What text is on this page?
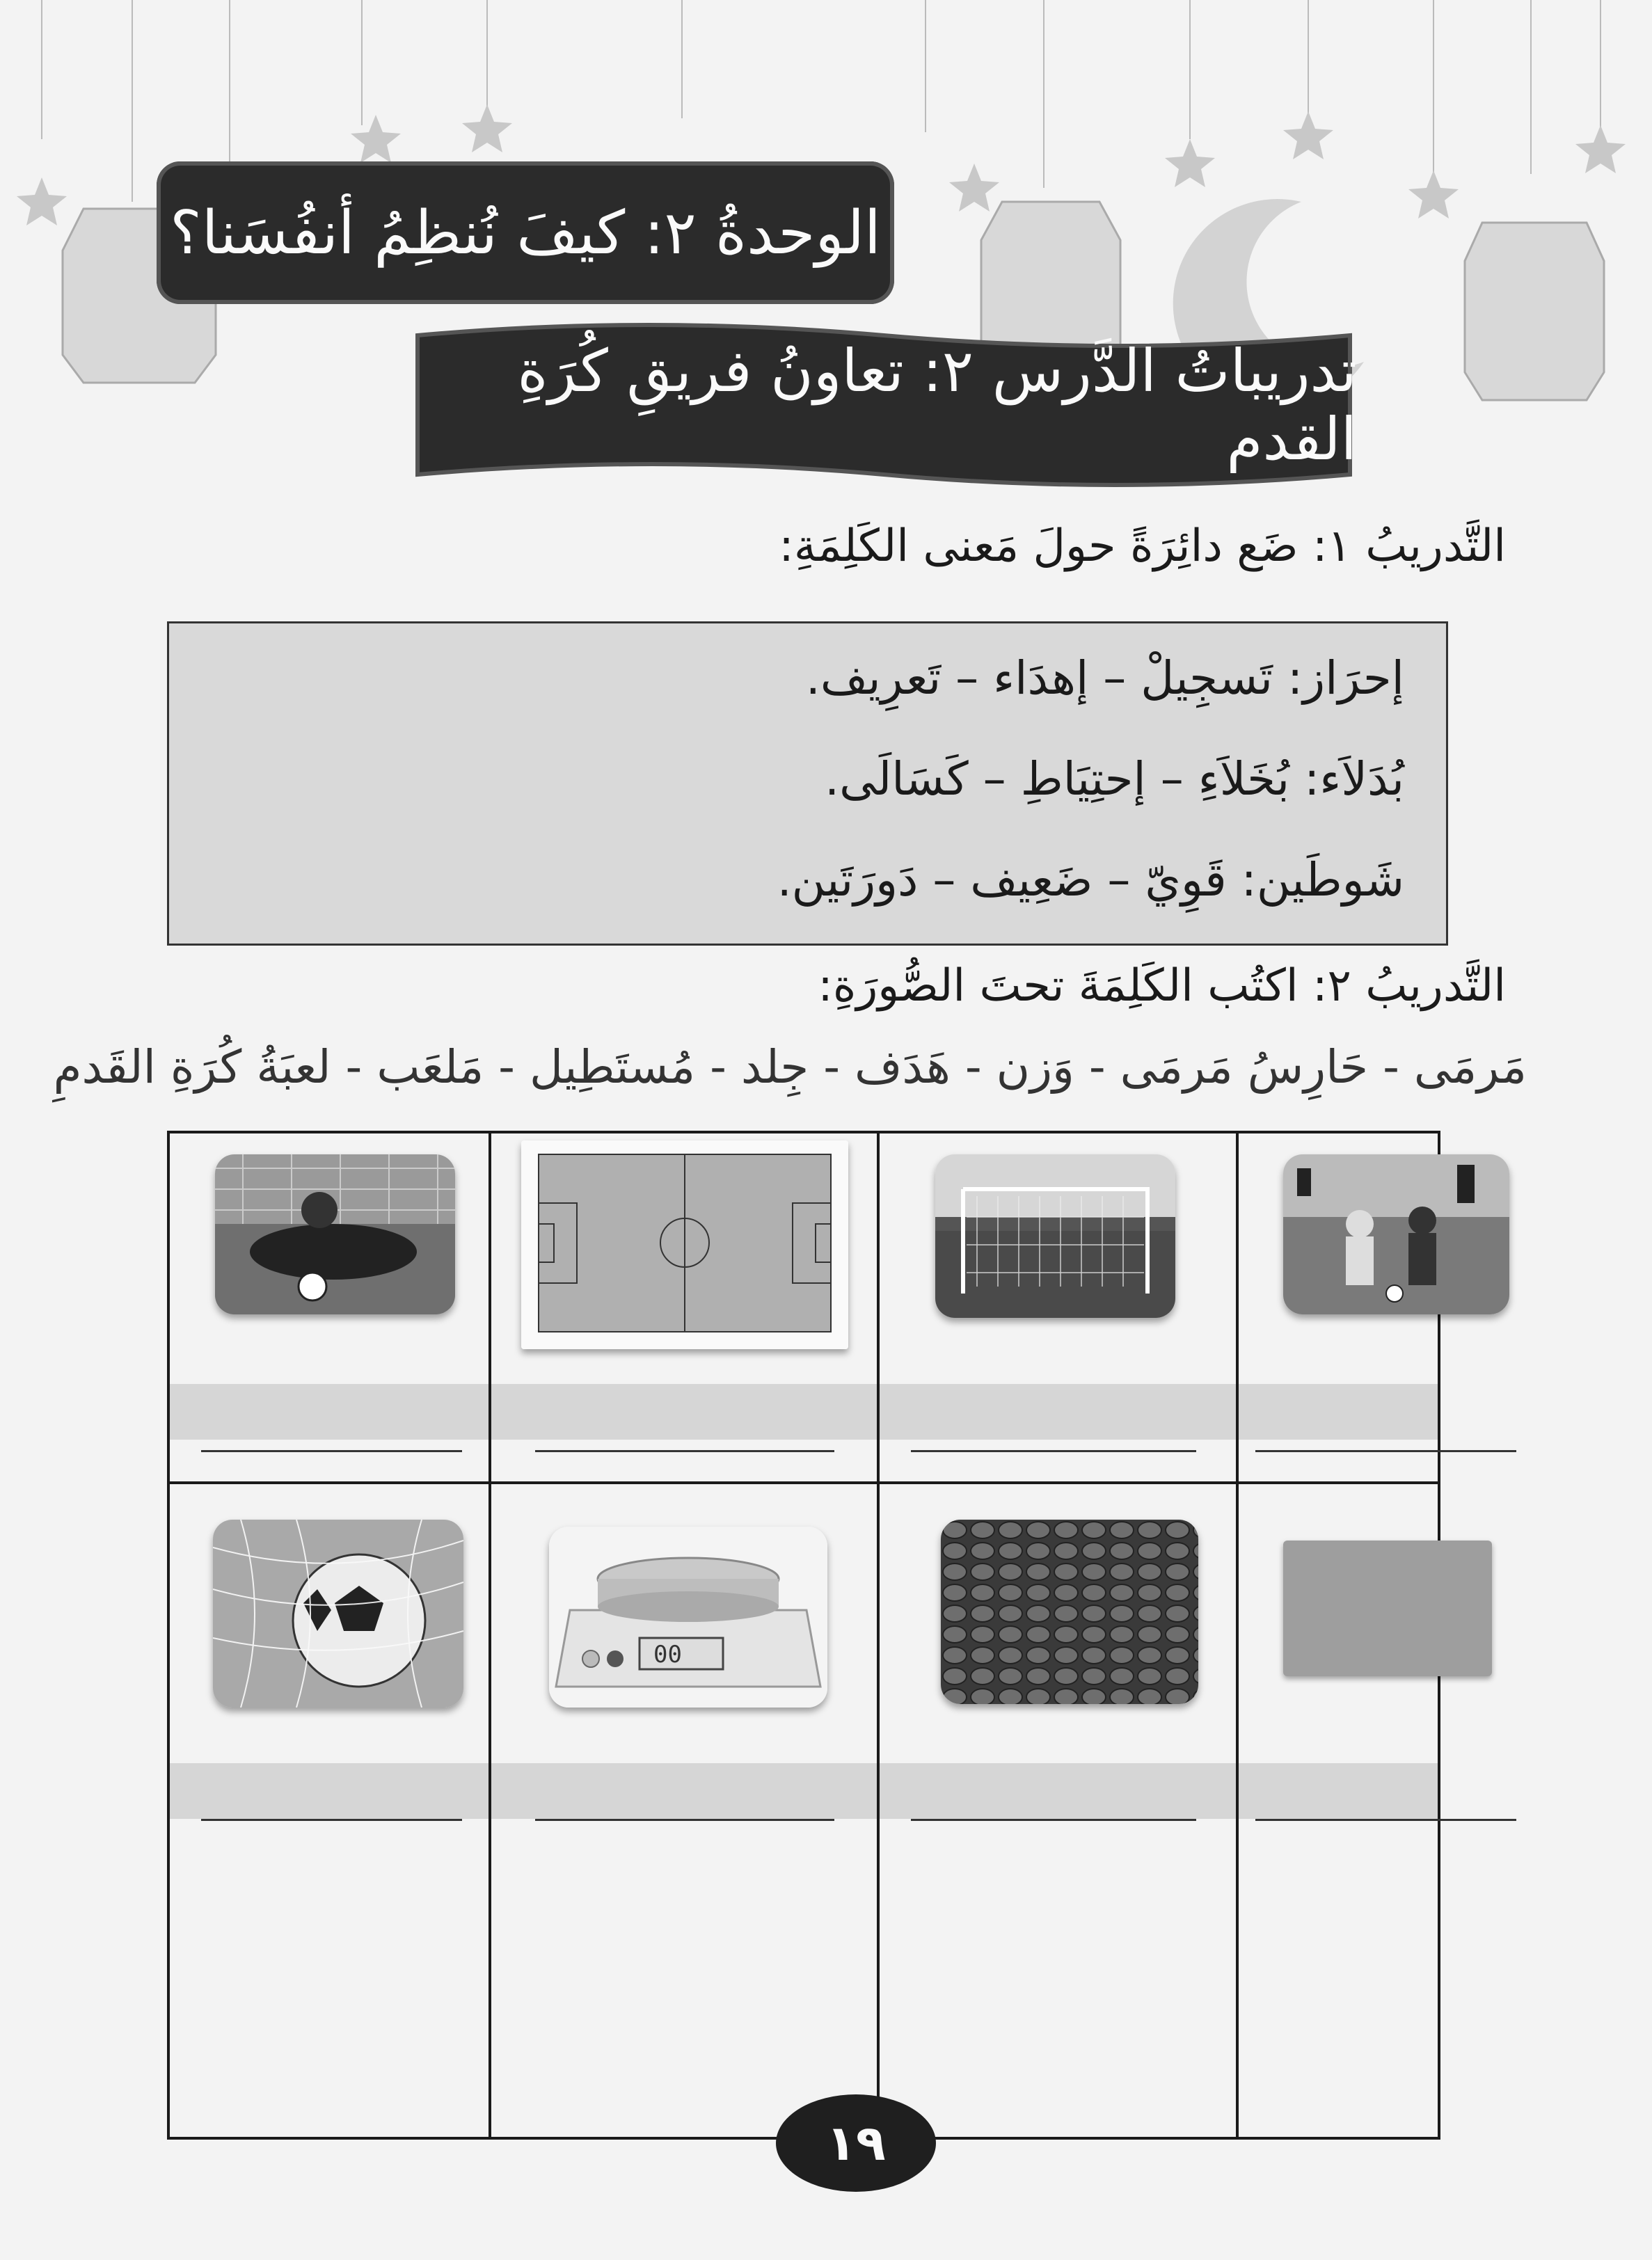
الوحدةُ ٢: كيفَ نُنظِمُ أنفُسَنا؟
تدريباتُ الدَّرس ٢: تعاونُ فريقِ كُرَةِ القدم
التَّدريبُ ١: ضَع دائِرَةً حولَ مَعنى الكَلِمَةِ:
إحرَاز: تَسجِيلْ – إهدَاء – تَعرِيف.
بُدَلاَء: بُخَلاَءِ – إحتِيَاطِ – كَسَالَى.
شَوطَين: قَوِيّ – ضَعِيف – دَورَتَين.
التَّدريبُ ٢: اكتُب الكَلِمَةَ تحتَ الصُّورَةِ:
مَرمَى - حَارِسُ مَرمَى - وَزن - هَدَف - جِلد - مُستَطِيل - مَلعَب - لعبَةُ كُرَةِ القَدمِ
00
١٩
